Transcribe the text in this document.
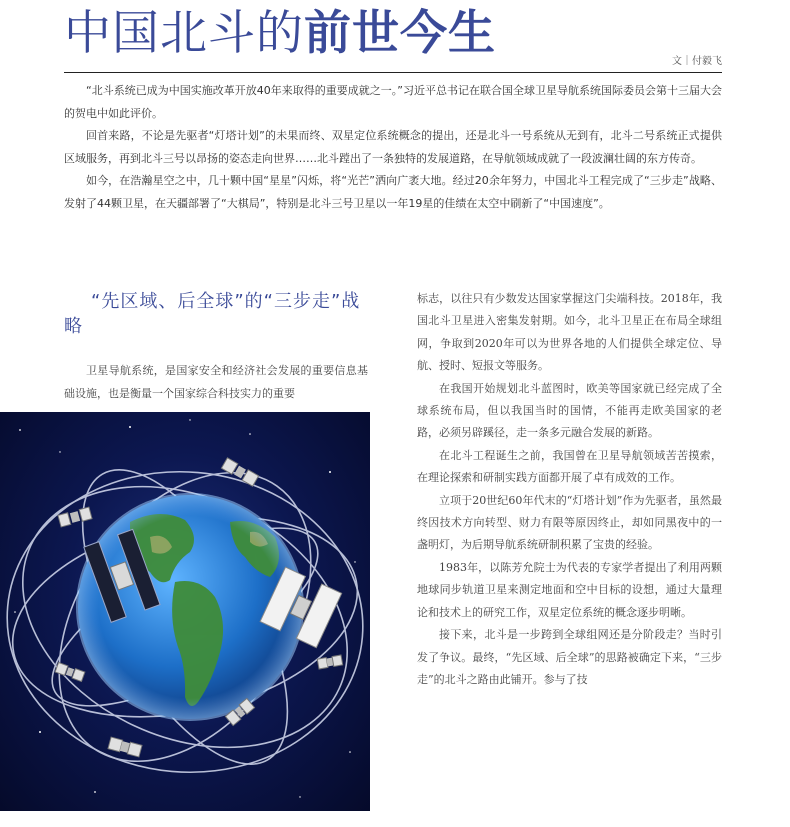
中国北斗的前世今生
文｜付毅飞

“北斗系统已成为中国实施改革开放40年来取得的重要成就之一。”习近平总书记在联合国全球卫星导航系统国际委员会第十三届大会的贺电中如此评价。

回首来路，不论是先驱者“灯塔计划”的未果而终、双星定位系统概念的提出，还是北斗一号系统从无到有，北斗二号系统正式提供区域服务，再到北斗三号以昂扬的姿态走向世界……北斗蹚出了一条独特的发展道路，在导航领域成就了一段波澜壮阔的东方传奇。

如今，在浩瀚星空之中，几十颗中国“星星”闪烁，将“光芒”洒向广袤大地。经过20余年努力，中国北斗工程完成了“三步走”战略、发射了44颗卫星，在天疆部署了“大棋局”，特别是北斗三号卫星以一年19星的佳绩在太空中刷新了“中国速度”。

“先区域、后全球”的“三步走”战略

卫星导航系统，是国家安全和经济社会发展的重要信息基础设施，也是衡量一个国家综合科技实力的重要

标志，以往只有少数发达国家掌握这门尖端科技。2018年，我国北斗卫星进入密集发射期。如今，北斗卫星正在布局全球组网，争取到2020年可以为世界各地的人们提供全球定位、导航、授时、短报文等服务。

在我国开始规划北斗蓝图时，欧美等国家就已经完成了全球系统布局，但以我国当时的国情，不能再走欧美国家的老路，必须另辟蹊径，走一条多元融合发展的新路。

在北斗工程诞生之前，我国曾在卫星导航领域苦苦摸索，在理论探索和研制实践方面都开展了卓有成效的工作。

立项于20世纪60年代末的“灯塔计划”作为先驱者，虽然最终因技术方向转型、财力有限等原因终止，却如同黑夜中的一盏明灯，为后期导航系统研制积累了宝贵的经验。

1983年，以陈芳允院士为代表的专家学者提出了利用两颗地球同步轨道卫星来测定地面和空中目标的设想，通过大量理论和技术上的研究工作，双星定位系统的概念逐步明晰。

接下来，北斗是一步跨到全球组网还是分阶段走？当时引发了争议。最终，“先区域、后全球”的思路被确定下来，“三步走”的北斗之路由此铺开。参与了技
